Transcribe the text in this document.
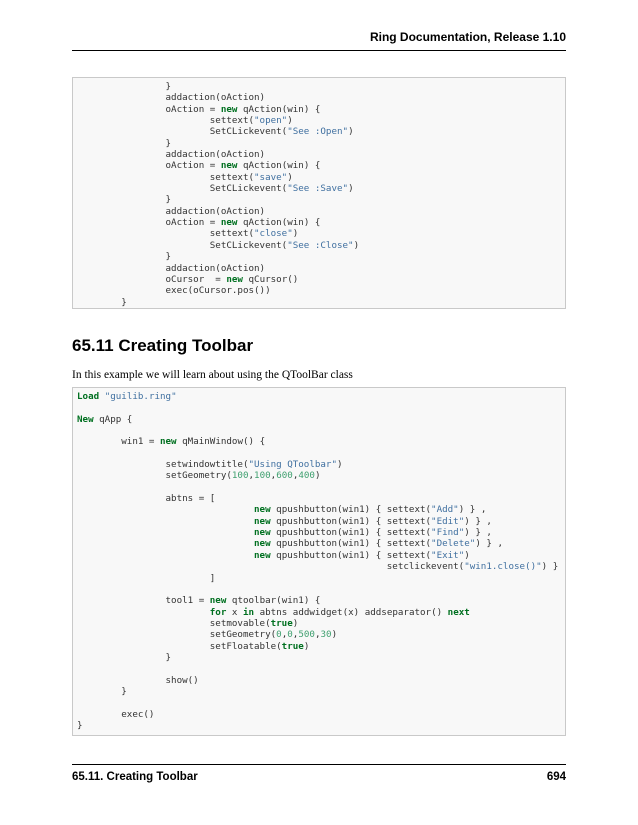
Ring Documentation, Release 1.10
}
addaction(oAction)
oAction = new qAction(win) {
settext("open")
SetCLickevent("See :Open")
}
addaction(oAction)
oAction = new qAction(win) {
settext("save")
SetCLickevent("See :Save")
}
addaction(oAction)
oAction = new qAction(win) {
settext("close")
SetCLickevent("See :Close")
}
addaction(oAction)
oCursor  = new qCursor()
exec(oCursor.pos())
}
65.11 Creating Toolbar

In this example we will learn about using the QToolBar class

Load "guilib.ring"

New qApp {

win1 = new qMainWindow() {

setwindowtitle("Using QToolbar")
setGeometry(100,100,600,400)

abtns = [
new qpushbutton(win1) { settext("Add") } ,
new qpushbutton(win1) { settext("Edit") } ,
new qpushbutton(win1) { settext("Find") } ,
new qpushbutton(win1) { settext("Delete") } ,
new qpushbutton(win1) { settext("Exit")
setclickevent("win1.close()") }
]

tool1 = new qtoolbar(win1) {
for x in abtns addwidget(x) addseparator() next
setmovable(true)
setGeometry(0,0,500,30)
setFloatable(true)
}

show()
}

exec()
}
65.11. Creating Toolbar	694
